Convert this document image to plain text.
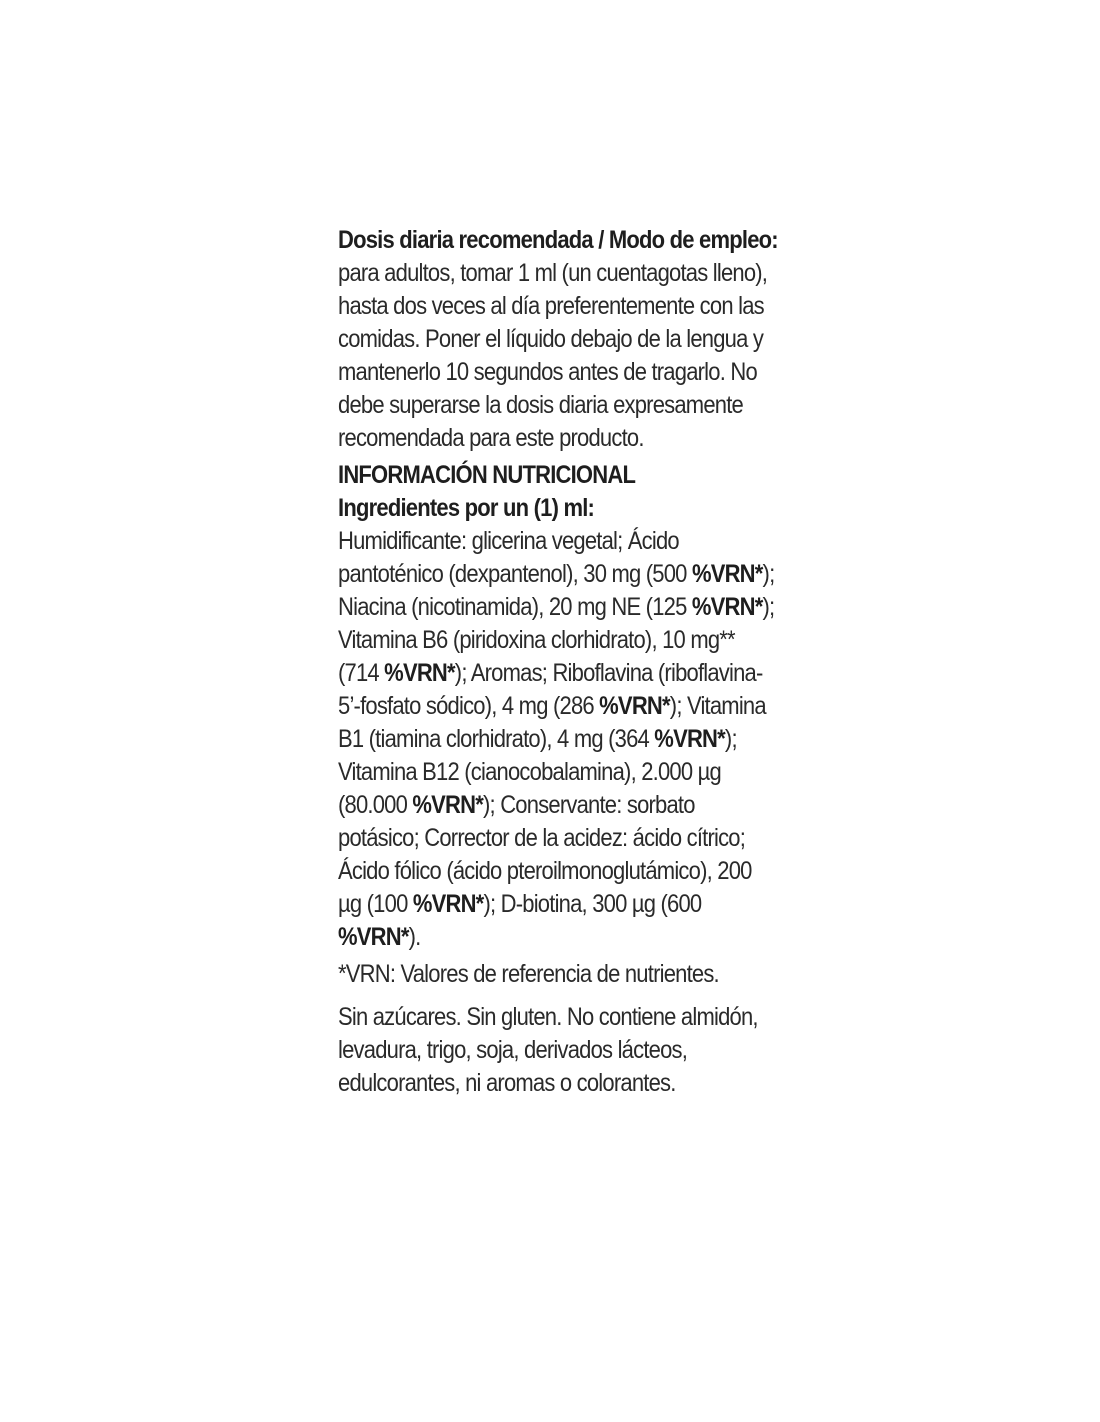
Dosis diaria recomendada / Modo de empleo: para adultos, tomar 1 ml (un cuentagotas lleno), hasta dos veces al día preferentemente con las comidas. Poner el líquido debajo de la lengua y mantenerlo 10 segundos antes de tragarlo. No debe superarse la dosis diaria expresamente recomendada para este producto.

INFORMACIÓN NUTRICIONAL

Ingredientes por un (1) ml:

Humidificante: glicerina vegetal; Ácido pantoténico (dexpantenol), 30 mg (500 %VRN*); Niacina (nicotinamida), 20 mg NE (125 %VRN*); Vitamina B6 (piridoxina clorhidrato), 10 mg** (714 %VRN*); Aromas; Riboflavina (riboflavina-5’-fosfato sódico), 4 mg (286 %VRN*); Vitamina B1 (tiamina clorhidrato), 4 mg (364 %VRN*); Vitamina B12 (cianocobalamina), 2.000 µg (80.000 %VRN*); Conservante: sorbato potásico; Corrector de la acidez: ácido cítrico; Ácido fólico (ácido pteroilmonoglutámico), 200 µg (100 %VRN*); D-biotina, 300 µg (600 %VRN*).

*VRN: Valores de referencia de nutrientes.

Sin azúcares. Sin gluten. No contiene almidón, levadura, trigo, soja, derivados lácteos, edulcorantes, ni aromas o colorantes.
